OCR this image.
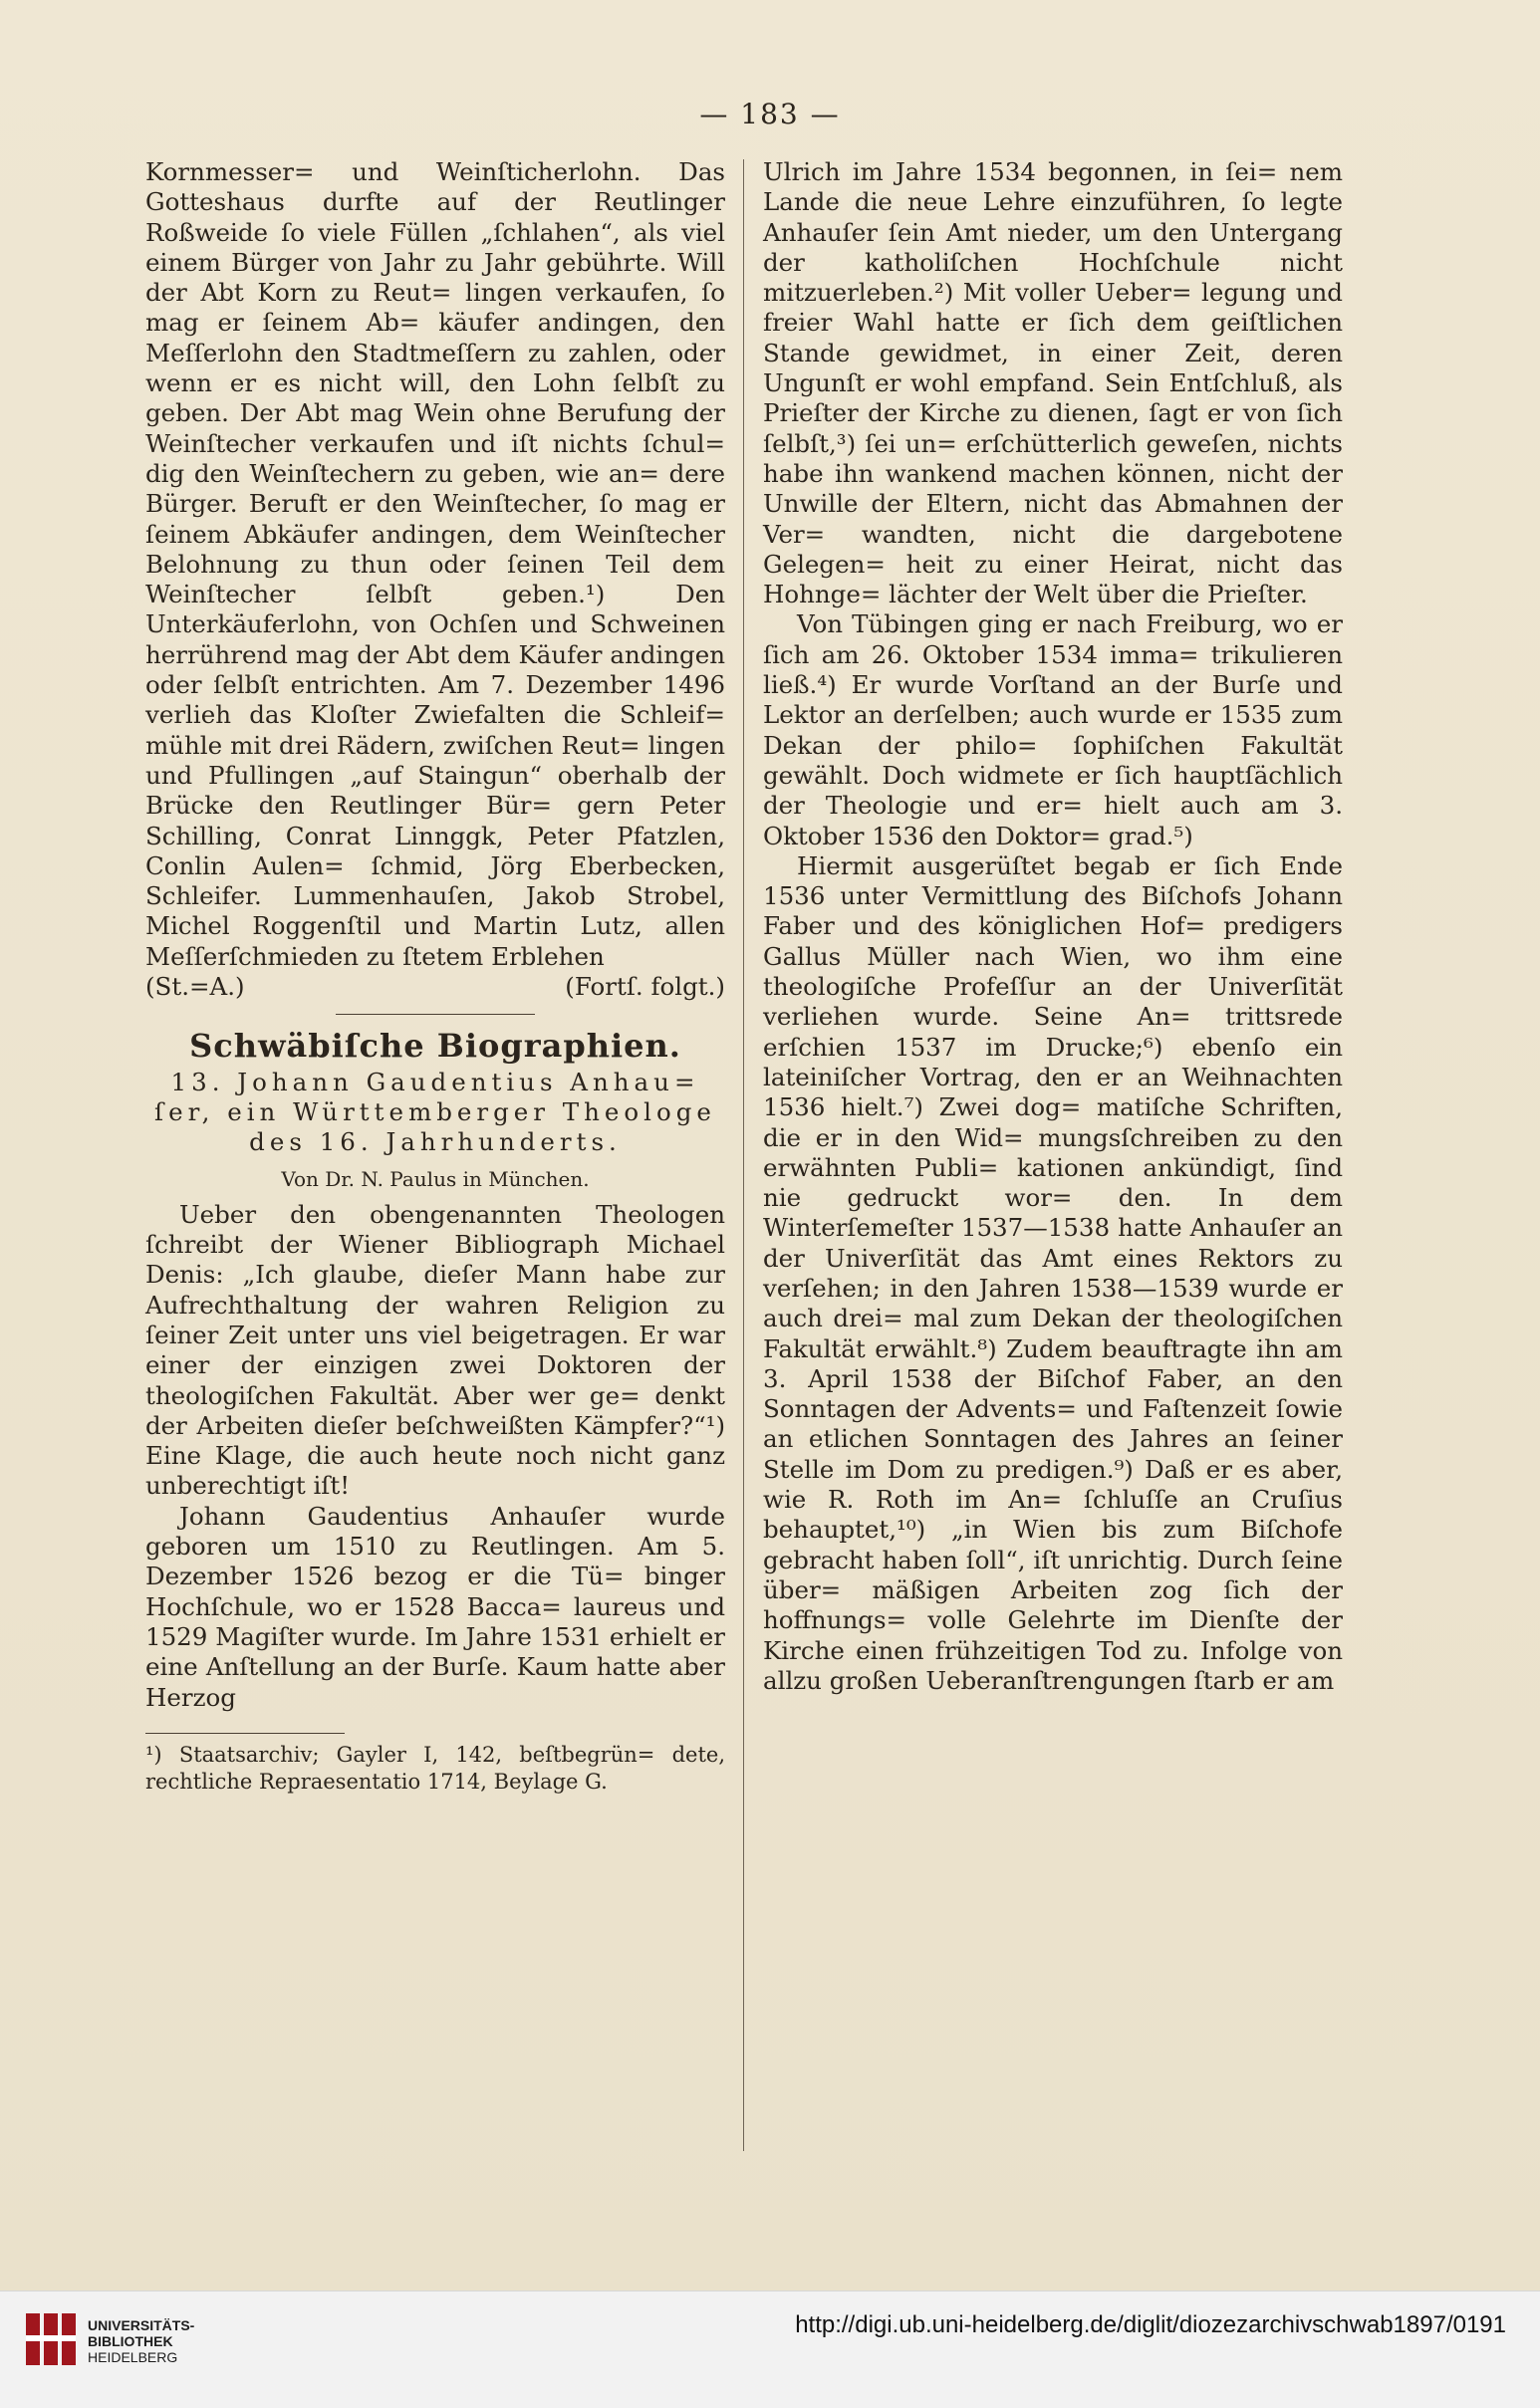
— 183 —

Kornmesser= und Weinſticherlohn. Das Gotteshaus durfte auf der Reutlinger Roßweide ſo viele Füllen „ſchlahen“, als viel einem Bürger von Jahr zu Jahr gebührte. Will der Abt Korn zu Reut= lingen verkaufen, ſo mag er ſeinem Ab= käufer andingen, den Meſſerlohn den Stadtmeſſern zu zahlen, oder wenn er es nicht will, den Lohn ſelbſt zu geben. Der Abt mag Wein ohne Berufung der Weinſtecher verkaufen und iſt nichts ſchul= dig den Weinſtechern zu geben, wie an= dere Bürger. Beruft er den Weinſtecher, ſo mag er ſeinem Abkäufer andingen, dem Weinſtecher Belohnung zu thun oder ſeinen Teil dem Weinſtecher ſelbſt geben.¹) Den Unterkäuferlohn, von Ochſen und Schweinen herrührend mag der Abt dem Käufer andingen oder ſelbſt entrichten. Am 7. Dezember 1496 verlieh das Kloſter Zwiefalten die Schleif= mühle mit drei Rädern, zwiſchen Reut= lingen und Pfullingen „auf Staingun“ oberhalb der Brücke den Reutlinger Bür= gern Peter Schilling, Conrat Linnggk, Peter Pfatzlen, Conlin Aulen= ſchmid, Jörg Eberbecken, Schleifer. Lummenhauſen, Jakob Strobel, Michel Roggenſtil und Martin Lutz, allen Meſſerſchmieden zu ſtetem Erblehen

(St.=A.)	(Fortſ. folgt.)
Schwäbiſche Biographien.

13. Johann Gaudentius Anhau= ſer, ein Württemberger Theologe des 16. Jahrhunderts.

Von Dr. N. Paulus in München.

Ueber den obengenannten Theologen ſchreibt der Wiener Bibliograph Michael Denis: „Ich glaube, dieſer Mann habe zur Aufrechthaltung der wahren Religion zu ſeiner Zeit unter uns viel beigetragen. Er war einer der einzigen zwei Doktoren der theologiſchen Fakultät. Aber wer ge= denkt der Arbeiten dieſer beſchweißten Kämpfer?“¹) Eine Klage, die auch heute noch nicht ganz unberechtigt iſt!

Johann Gaudentius Anhauſer wurde geboren um 1510 zu Reutlingen. Am 5. Dezember 1526 bezog er die Tü= binger Hochſchule, wo er 1528 Bacca= laureus und 1529 Magiſter wurde. Im Jahre 1531 erhielt er eine Anſtellung an der Burſe. Kaum hatte aber Herzog

¹) Staatsarchiv; Gayler I, 142, beſtbegrün= dete, rechtliche Repraesentatio 1714, Beylage G.

Ulrich im Jahre 1534 begonnen, in ſei= nem Lande die neue Lehre einzuführen, ſo legte Anhauſer ſein Amt nieder, um den Untergang der katholiſchen Hochſchule nicht mitzuerleben.²) Mit voller Ueber= legung und freier Wahl hatte er ſich dem geiſtlichen Stande gewidmet, in einer Zeit, deren Ungunſt er wohl empfand. Sein Entſchluß, als Prieſter der Kirche zu dienen, ſagt er von ſich ſelbſt,³) ſei un= erſchütterlich geweſen, nichts habe ihn wankend machen können, nicht der Unwille der Eltern, nicht das Abmahnen der Ver= wandten, nicht die dargebotene Gelegen= heit zu einer Heirat, nicht das Hohnge= lächter der Welt über die Prieſter.

Von Tübingen ging er nach Freiburg, wo er ſich am 26. Oktober 1534 imma= trikulieren ließ.⁴) Er wurde Vorſtand an der Burſe und Lektor an derſelben; auch wurde er 1535 zum Dekan der philo= ſophiſchen Fakultät gewählt. Doch widmete er ſich hauptſächlich der Theologie und er= hielt auch am 3. Oktober 1536 den Doktor= grad.⁵)

Hiermit ausgerüſtet begab er ſich Ende 1536 unter Vermittlung des Biſchofs Johann Faber und des königlichen Hof= predigers Gallus Müller nach Wien, wo ihm eine theologiſche Profeſſur an der Univerſität verliehen wurde. Seine An= trittsrede erſchien 1537 im Drucke;⁶) ebenſo ein lateiniſcher Vortrag, den er an Weihnachten 1536 hielt.⁷) Zwei dog= matiſche Schriften, die er in den Wid= mungsſchreiben zu den erwähnten Publi= kationen ankündigt, ſind nie gedruckt wor= den. In dem Winterſemeſter 1537—1538 hatte Anhauſer an der Univerſität das Amt eines Rektors zu verſehen; in den Jahren 1538—1539 wurde er auch drei= mal zum Dekan der theologiſchen Fakultät erwählt.⁸) Zudem beauftragte ihn am 3. April 1538 der Biſchof Faber, an den Sonntagen der Advents= und Faſtenzeit ſowie an etlichen Sonntagen des Jahres an ſeiner Stelle im Dom zu predigen.⁹) Daß er es aber, wie R. Roth im An= ſchluſſe an Cruſius behauptet,¹⁰) „in Wien bis zum Biſchofe gebracht haben ſoll“, iſt unrichtig. Durch ſeine über= mäßigen Arbeiten zog ſich der hoffnungs= volle Gelehrte im Dienſte der Kirche einen frühzeitigen Tod zu. Infolge von allzu großen Ueberanſtrengungen ſtarb er am

UNIVERSITÄTS-
BIBLIOTHEK
HEIDELBERG
http://digi.ub.uni-heidelberg.de/diglit/diozezarchivschwab1897/0191
